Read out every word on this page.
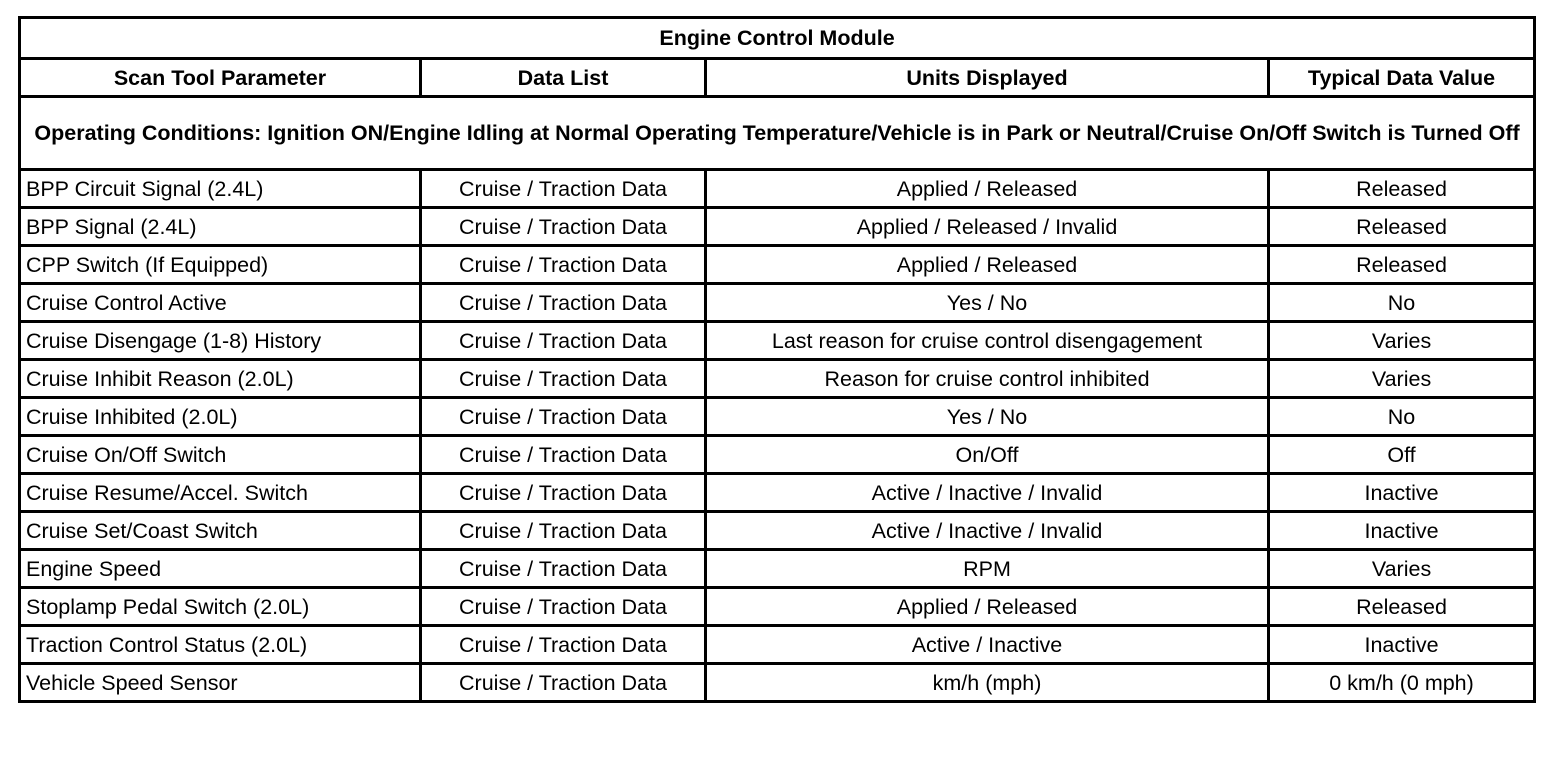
Engine Control Module			
Scan Tool Parameter	Data List	Units Displayed	Typical Data Value
Operating Conditions: Ignition ON/Engine Idling at Normal Operating Temperature/Vehicle is in Park or Neutral/Cruise On/Off Switch is Turned Off			
BPP Circuit Signal (2.4L)	Cruise / Traction Data	Applied / Released	Released
BPP Signal (2.4L)	Cruise / Traction Data	Applied / Released / Invalid	Released
CPP Switch (If Equipped)	Cruise / Traction Data	Applied / Released	Released
Cruise Control Active	Cruise / Traction Data	Yes / No	No
Cruise Disengage (1-8) History	Cruise / Traction Data	Last reason for cruise control disengagement	Varies
Cruise Inhibit Reason (2.0L)	Cruise / Traction Data	Reason for cruise control inhibited	Varies
Cruise Inhibited (2.0L)	Cruise / Traction Data	Yes / No	No
Cruise On/Off Switch	Cruise / Traction Data	On/Off	Off
Cruise Resume/Accel. Switch	Cruise / Traction Data	Active / Inactive / Invalid	Inactive
Cruise Set/Coast Switch	Cruise / Traction Data	Active / Inactive / Invalid	Inactive
Engine Speed	Cruise / Traction Data	RPM	Varies
Stoplamp Pedal Switch (2.0L)	Cruise / Traction Data	Applied / Released	Released
Traction Control Status (2.0L)	Cruise / Traction Data	Active / Inactive	Inactive
Vehicle Speed Sensor	Cruise / Traction Data	km/h (mph)	0 km/h (0 mph)
